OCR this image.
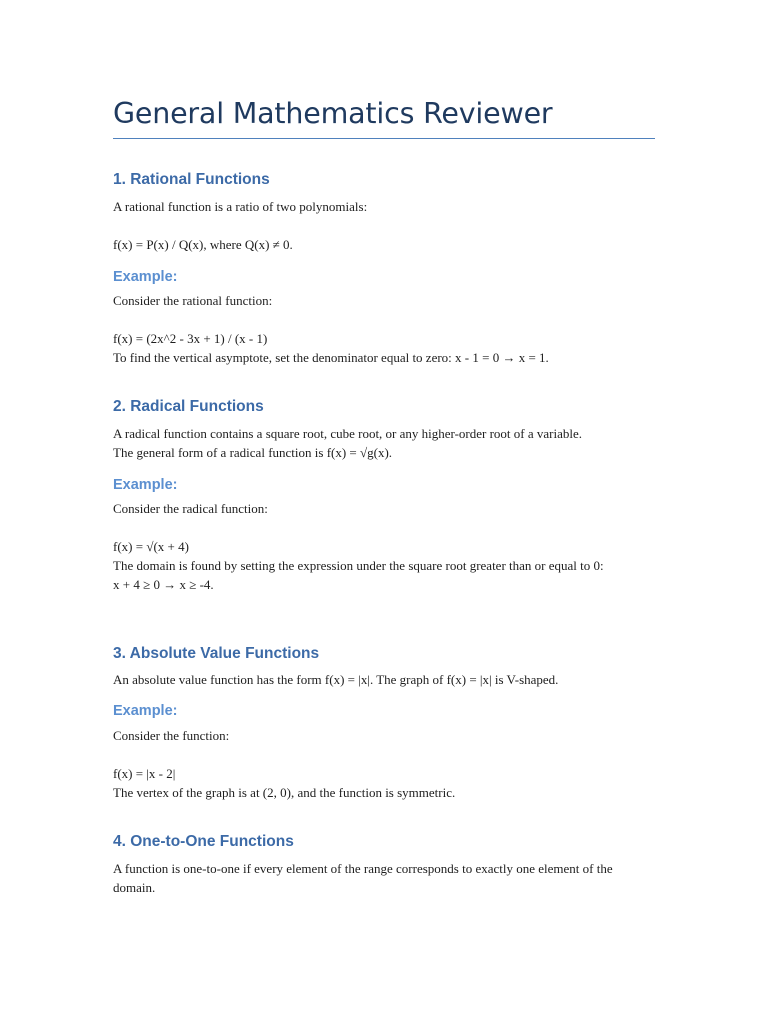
General Mathematics Reviewer
1. Rational Functions

A rational function is a ratio of two polynomials:

f(x) = P(x) / Q(x), where Q(x) ≠ 0.

Example:

Consider the rational function:

f(x) = (2x^2 - 3x + 1) / (x - 1)

To find the vertical asymptote, set the denominator equal to zero: x - 1 = 0 → x = 1.

2. Radical Functions

A radical function contains a square root, cube root, or any higher-order root of a variable.

The general form of a radical function is f(x) = √g(x).

Example:

Consider the radical function:

f(x) = √(x + 4)

The domain is found by setting the expression under the square root greater than or equal to 0:

x + 4 ≥ 0 → x ≥ -4.

3. Absolute Value Functions

An absolute value function has the form f(x) = |x|. The graph of f(x) = |x| is V-shaped.

Example:

Consider the function:

f(x) = |x - 2|

The vertex of the graph is at (2, 0), and the function is symmetric.

4. One-to-One Functions

A function is one-to-one if every element of the range corresponds to exactly one element of the domain.
